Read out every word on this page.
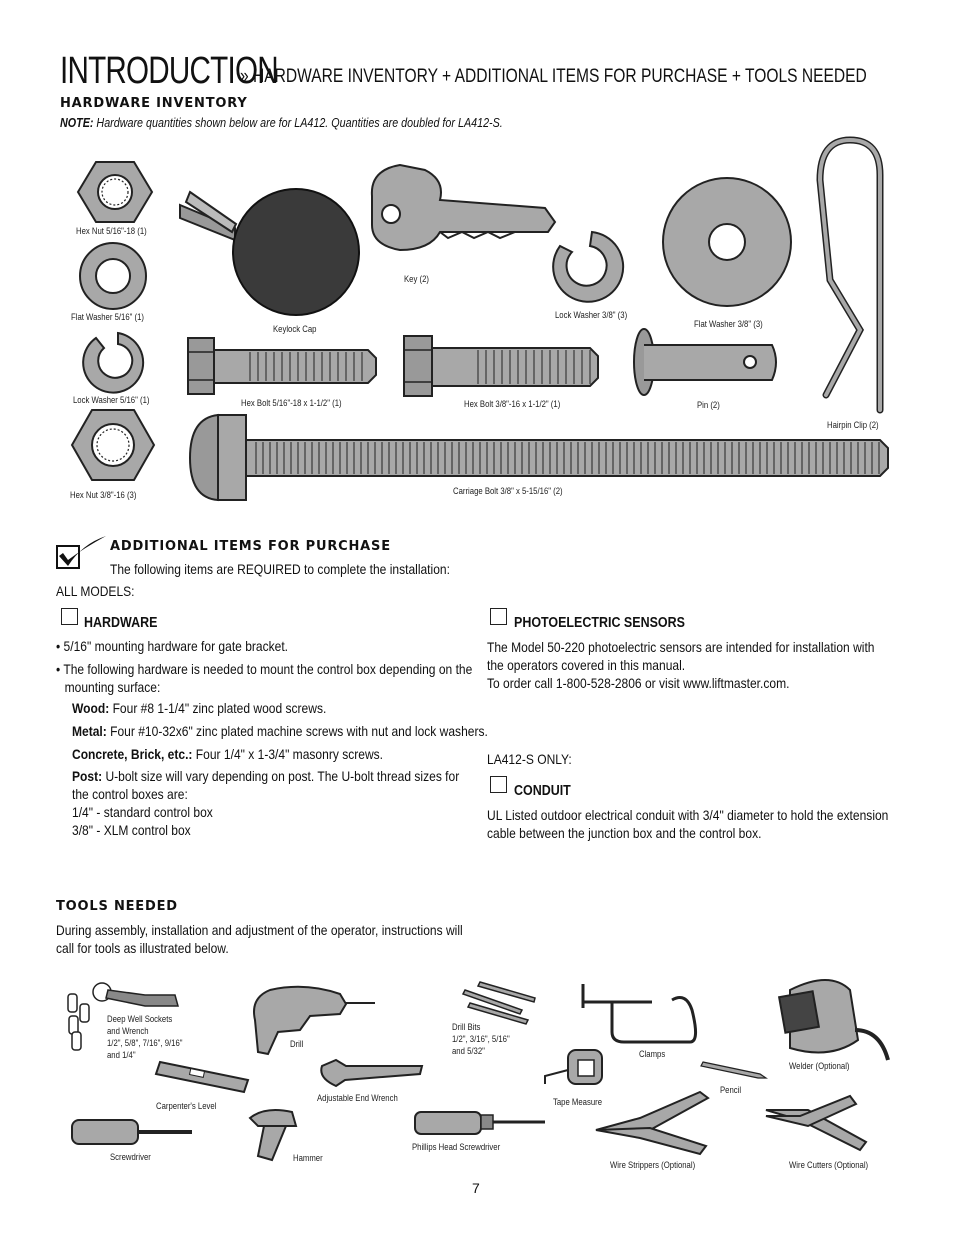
INTRODUCTION
» HARDWARE INVENTORY + ADDITIONAL ITEMS FOR PURCHASE + TOOLS NEEDED
HARDWARE INVENTORY
NOTE: Hardware quantities shown below are for LA412. Quantities are doubled for LA412-S.
Hex Nut 5/16"-18 (1)
Flat Washer 5/16" (1)
Lock Washer 5/16" (1)
Hex Nut 3/8"-16 (3)
Keylock Cap
Key (2)
Lock Washer 3/8" (3)
Flat Washer 3/8" (3)
Hex Bolt 5/16"-18 x 1-1/2" (1)	Hex Bolt 3/8"-16 x 1-1/2" (1)	Pin (2)
Hairpin Clip (2)
Carriage Bolt 3/8" x 5-15/16" (2)
ADDITIONAL ITEMS FOR PURCHASE
The following items are REQUIRED to complete the installation:
ALL MODELS:
HARDWARE
• 5/16" mounting hardware for gate bracket.
• The following hardware is needed to mount the control box depending on the mounting surface:
Wood: Four #8 1-1/4" zinc plated wood screws.
Metal: Four #10-32x6" zinc plated machine screws with nut and lock washers.
Concrete, Brick, etc.: Four 1/4" x 1-3/4" masonry screws.
Post: U-bolt size will vary depending on post. The U-bolt thread sizes for the control boxes are:
1/4" - standard control box
3/8" - XLM control box
PHOTOELECTRIC SENSORS
The Model 50-220 photoelectric sensors are intended for installation with the operators covered in this manual.
To order call 1-800-528-2806 or visit www.liftmaster.com.
LA412-S ONLY:
CONDUIT
UL Listed outdoor electrical conduit with 3/4" diameter to hold the extension cable between the junction box and the control box.
TOOLS NEEDED
During assembly, installation and adjustment of the operator, instructions will call for tools as illustrated below.
Deep Well Sockets
and Wrench
1/2", 5/8", 7/16", 9/16"
and 1/4"
Drill
Drill Bits
1/2", 3/16", 5/16"
and 5/32"	Clamps
Welder (Optional)
Pencil
Carpenter's Level
Adjustable End Wrench	Tape Measure
Screwdriver	Hammer
Phillips Head Screwdriver
Wire Strippers (Optional)	Wire Cutters (Optional)
7
